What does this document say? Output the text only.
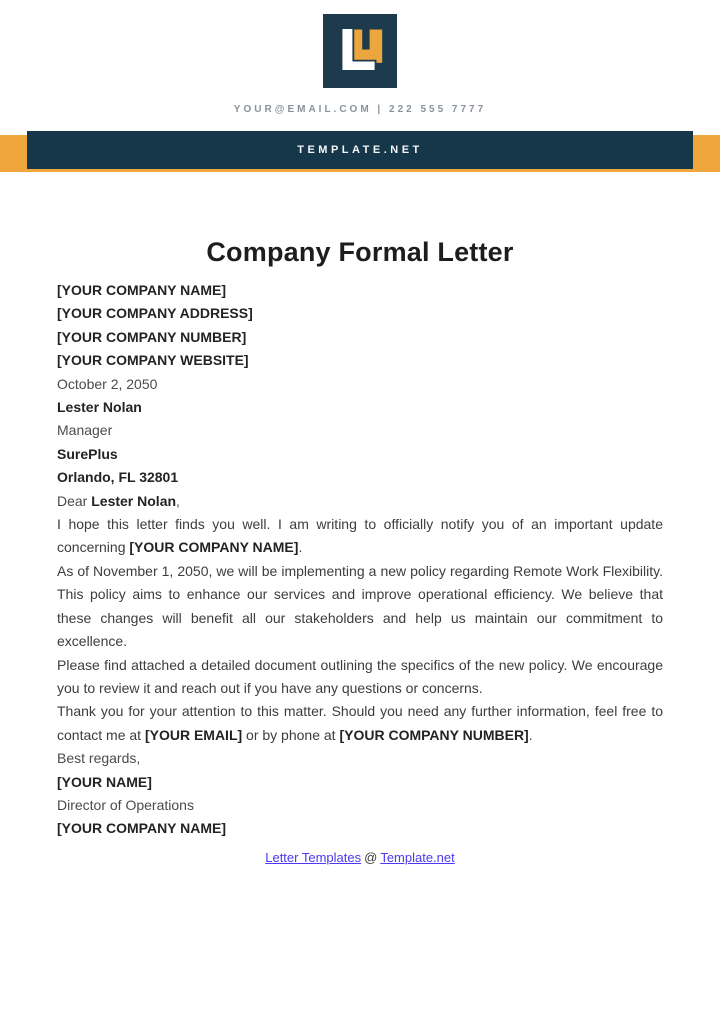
YOUR@EMAIL.COM | 222 555 7777
TEMPLATE.NET
Company Formal Letter

[YOUR COMPANY NAME]

[YOUR COMPANY ADDRESS]

[YOUR COMPANY NUMBER]

[YOUR COMPANY WEBSITE]

October 2, 2050

Lester Nolan

Manager

SurePlus

Orlando, FL 32801

Dear Lester Nolan,

I hope this letter finds you well. I am writing to officially notify you of an important update concerning [YOUR COMPANY NAME].

As of November 1, 2050, we will be implementing a new policy regarding Remote Work Flexibility. This policy aims to enhance our services and improve operational efficiency. We believe that these changes will benefit all our stakeholders and help us maintain our commitment to excellence.

Please find attached a detailed document outlining the specifics of the new policy. We encourage you to review it and reach out if you have any questions or concerns.

Thank you for your attention to this matter. Should you need any further information, feel free to contact me at [YOUR EMAIL] or by phone at [YOUR COMPANY NUMBER].

Best regards,

[YOUR NAME]

Director of Operations

[YOUR COMPANY NAME]

Letter Templates @ Template.net
